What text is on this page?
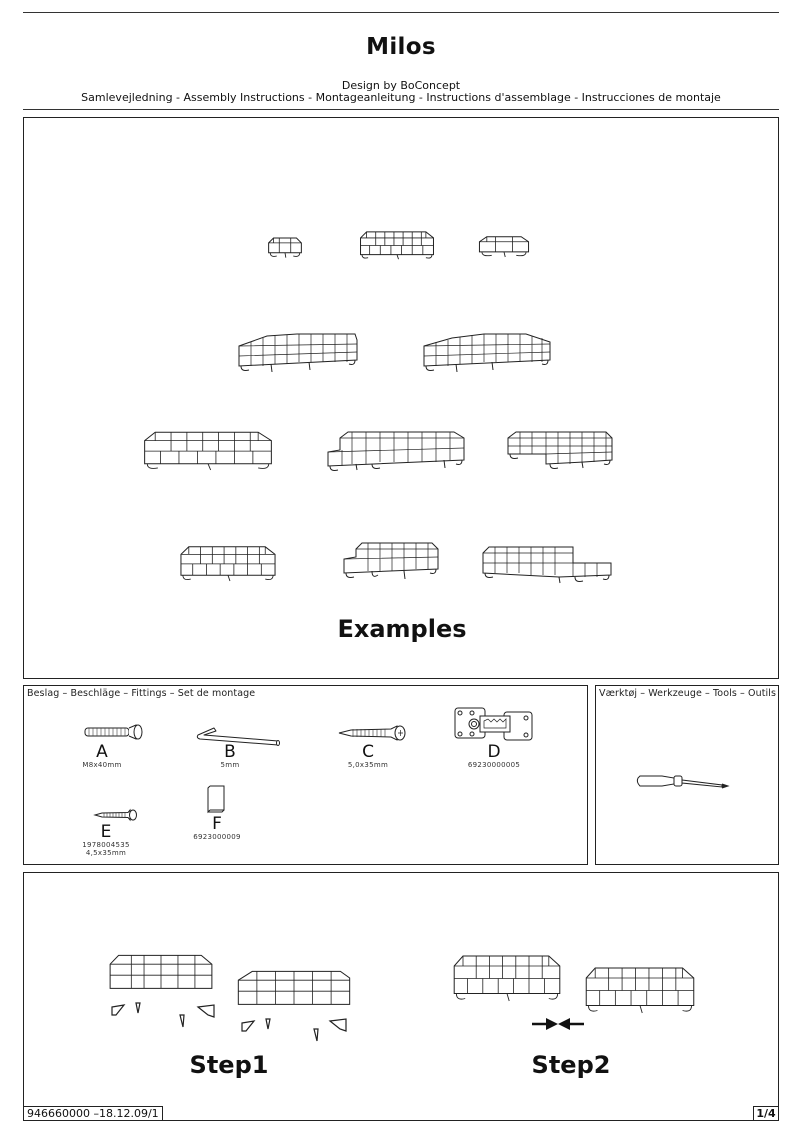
Milos
Design by BoConcept
Samlevejledning - Assembly Instructions - Montageanleitung - Instructions d'assemblage - Instrucciones de montaje
Examples
Beslag – Beschläge – Fittings – Set de montage
A
M8x40mm
B
5mm
C
5,0x35mm
D
69230000005
E
1978004535
4,5x35mm
F
6923000009
Værktøj – Werkzeuge – Tools – Outils
Step1	Step2
946660000 –18.12.09/1	1/4
